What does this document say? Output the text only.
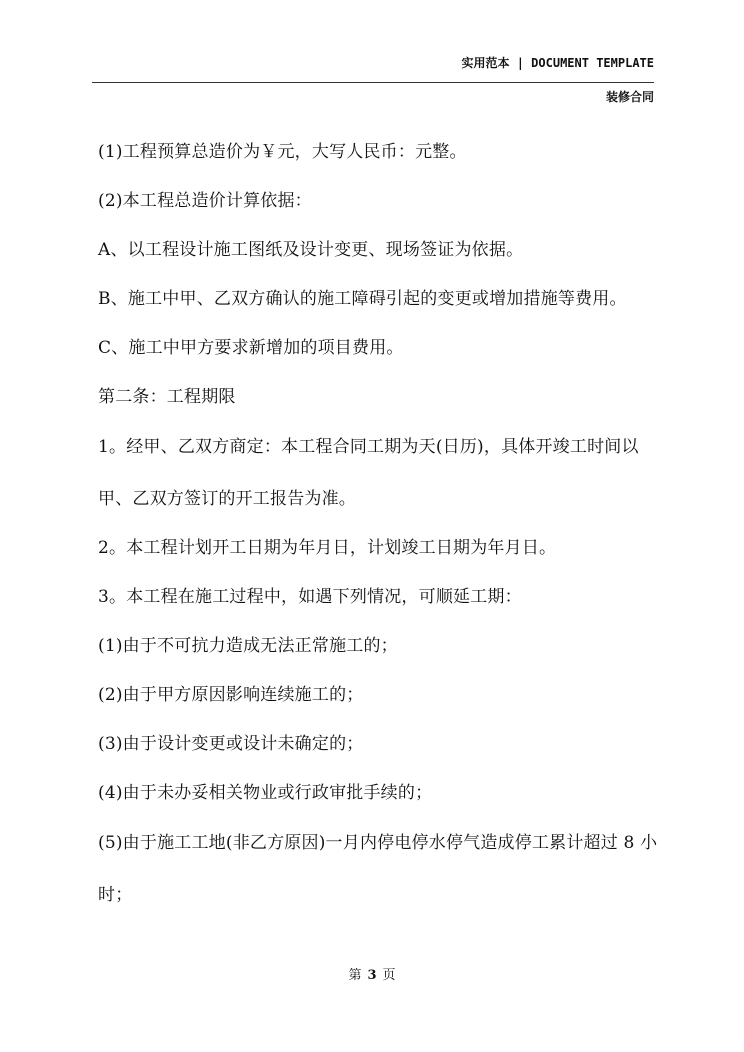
实用范本 | DOCUMENT TEMPLATE
装修合同

(1)工程预算总造价为￥元，大写人民币：元整。

(2)本工程总造价计算依据：

A、以工程设计施工图纸及设计变更、现场签证为依据。

B、施工中甲、乙双方确认的施工障碍引起的变更或增加措施等费用。

C、施工中甲方要求新增加的项目费用。

第二条：工程期限

1。经甲、乙双方商定：本工程合同工期为天(日历)，具体开竣工时间以甲、乙双方签订的开工报告为准。

2。本工程计划开工日期为年月日，计划竣工日期为年月日。

3。本工程在施工过程中，如遇下列情况，可顺延工期：

(1)由于不可抗力造成无法正常施工的；

(2)由于甲方原因影响连续施工的；

(3)由于设计变更或设计未确定的；

(4)由于未办妥相关物业或行政审批手续的；

(5)由于施工工地(非乙方原因)一月内停电停水停气造成停工累计超过 8 小时；

第 3 页
